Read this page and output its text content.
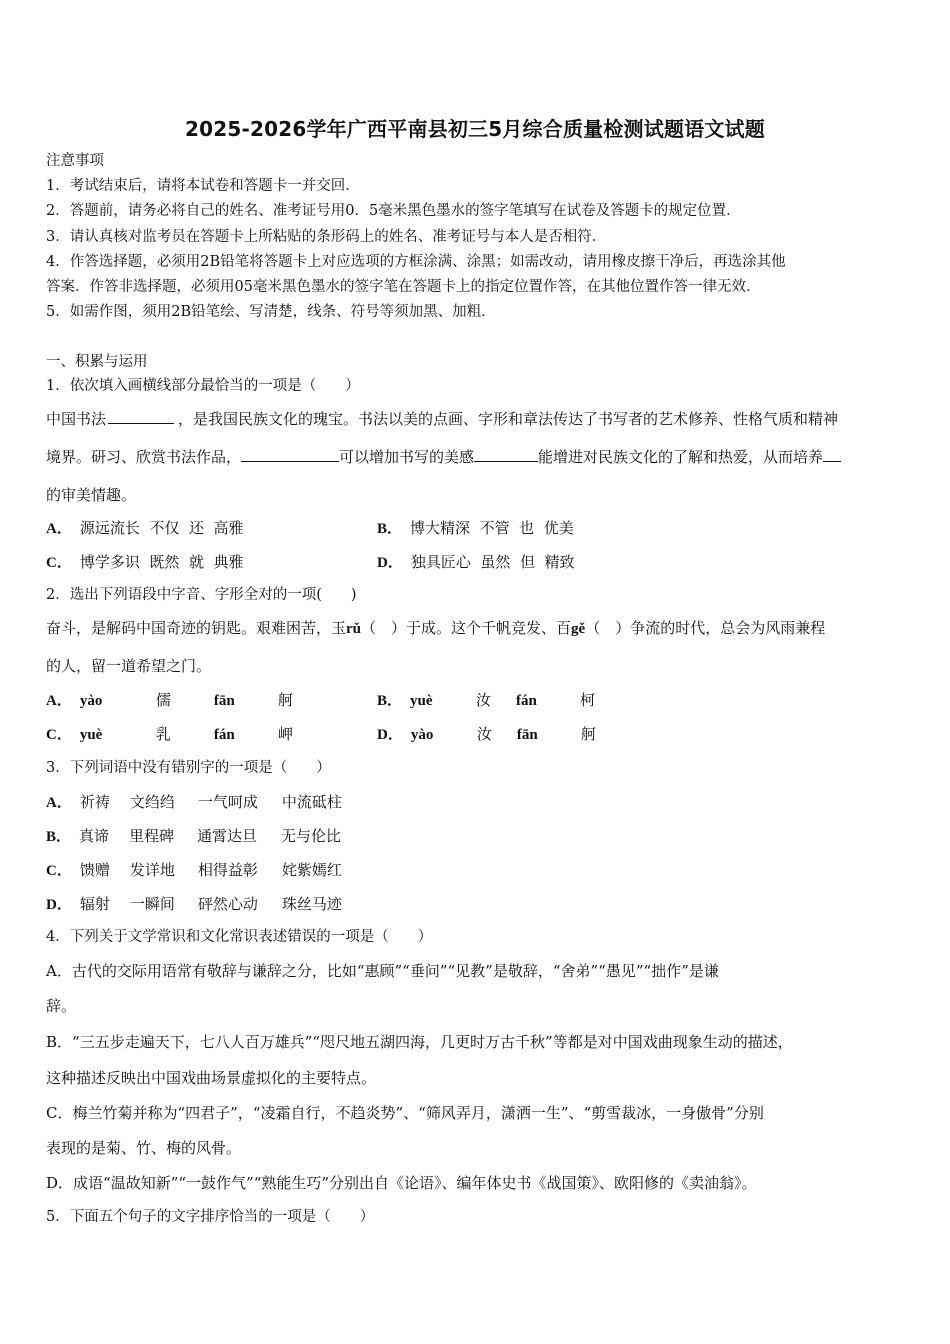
2025-2026学年广西平南县初三5月综合质量检测试题语文试题
注意事项
1．考试结束后，请将本试卷和答题卡一并交回．
2．答题前，请务必将自己的姓名、准考证号用0．5毫米黑色墨水的签字笔填写在试卷及答题卡的规定位置．
3．请认真核对监考员在答题卡上所粘贴的条形码上的姓名、准考证号与本人是否相符．
4．作答选择题，必须用2B铅笔将答题卡上对应选项的方框涂满、涂黑；如需改动，请用橡皮擦干净后，再选涂其他
答案．作答非选择题，必须用05毫米黑色墨水的签字笔在答题卡上的指定位置作答，在其他位置作答一律无效．
5．如需作图，须用2B铅笔绘、写清楚，线条、符号等须加黑、加粗．
一、积累与运用
1．依次填入画横线部分最恰当的一项是（　　）
中国书法	，是我国民族文化的瑰宝。书法以美的点画、字形和章法传达了书写者的艺术修养、性格气质和精神
境界。研习、欣赏书法作品，	可以增加书写的美感	能增进对民族文化的了解和热爱，从而培养
的审美情趣。
A． 源远流长 不仅 还 高雅	B． 博大精深 不管 也 优美
C． 博学多识 既然 就 典雅	D． 独具匠心 虽然 但 精致
2．选出下列语段中字音、字形全对的一项(　　)
奋斗，是解码中国奇迹的钥匙。艰难困苦，玉rǔ（　）于成。这个千帆竞发、百gě（　）争流的时代，总会为风雨兼程
的人，留一道希望之门。
A． yào	儒	fān	舸	B． yuè	汝 fán	柯
C． yuè	乳	fán	岬	D． yào	汝 fān	舸
3．下列词语中没有错别字的一项是（　　）
A． 祈祷 文绉绉 一气呵成 中流砥柱
B． 真谛 里程碑 通霄达旦 无与伦比
C． 馈赠 发详地 相得益彰 姹紫嫣红
D． 辐射 一瞬间 砰然心动 珠丝马迹
4．下列关于文学常识和文化常识表述错误的一项是（　　）
A．古代的交际用语常有敬辞与谦辞之分，比如“惠顾”“垂问”“见教”是敬辞，“舍弟”“愚见”“拙作”是谦
辞。
B．“三五步走遍天下，七八人百万雄兵”“咫尺地五湖四海，几更时万古千秋”等都是对中国戏曲现象生动的描述，
这种描述反映出中国戏曲场景虚拟化的主要特点。
C．梅兰竹菊并称为“四君子”，“凌霜自行，不趋炎势”、“筛风弄月，潇洒一生”、“剪雪裁冰，一身傲骨”分别
表现的是菊、竹、梅的风骨。
D．成语“温故知新”“一鼓作气”“熟能生巧”分别出自《论语》、编年体史书《战国策》、欧阳修的《卖油翁》。
5．下面五个句子的文字排序恰当的一项是（　　）
